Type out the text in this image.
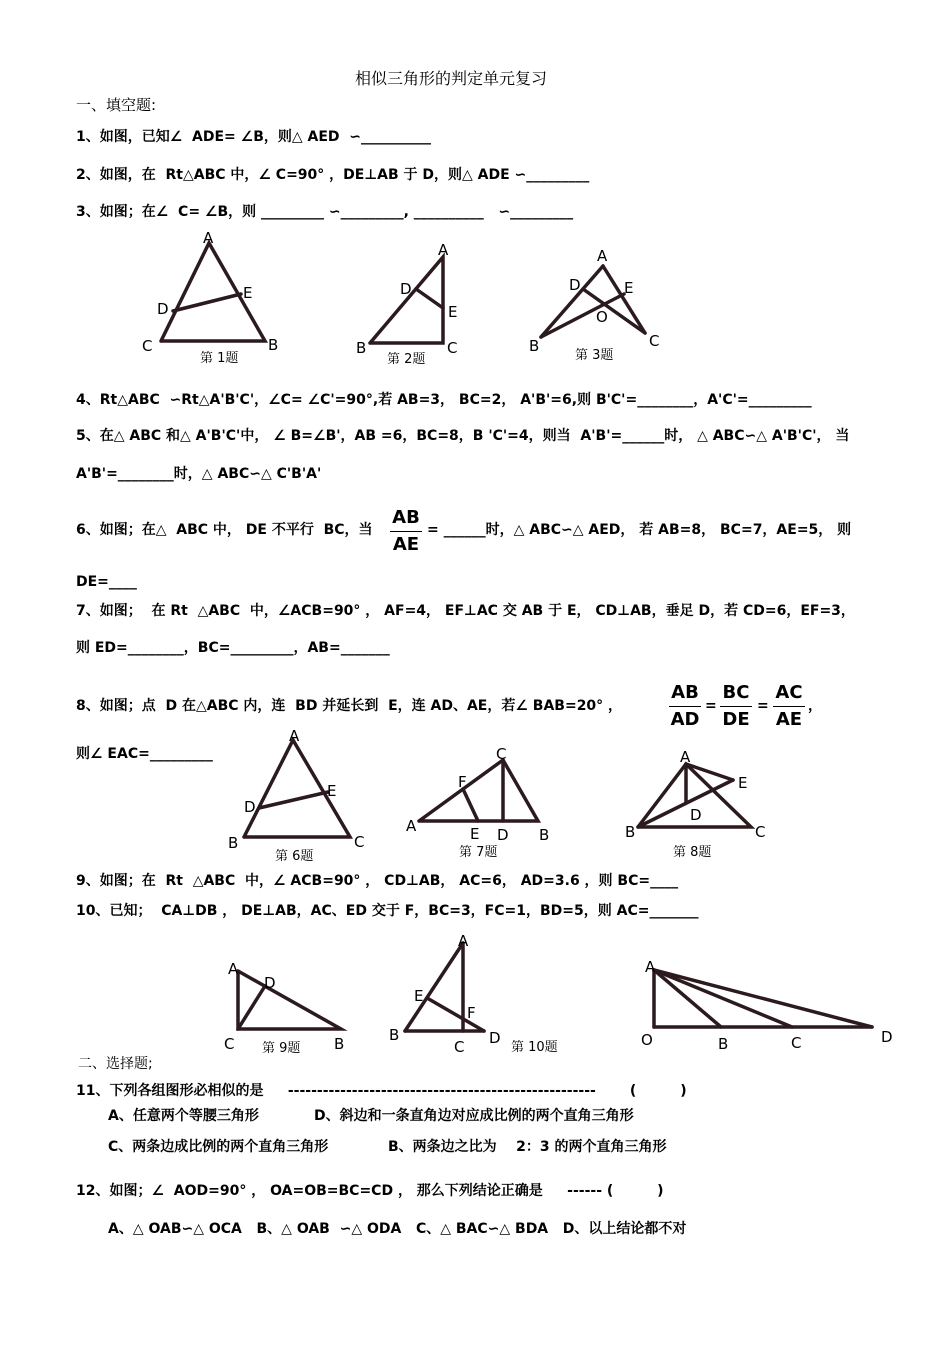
相似三角形的判定单元复习
一、填空题:
1、如图，已知∠  ADE= ∠B，则△ AED  ∽__________
2、如图，在  Rt△ABC 中，∠ C=90° ，DE⊥AB 于 D，则△ ADE ∽_________
3、如图；在∠  C= ∠B，则 _________ ∽_________, __________   ∽_________
A
D
E
C	B
第 1题
A
D
E
B	C
第 2题
A
D	E
O
B	C
第 3题
4、Rt△ABC  ∽Rt△A'B'C'，∠C= ∠C'=90°,若 AB=3， BC=2， A'B'=6,则 B'C'=________，A'C'=_________
5、在△ ABC 和△ A'B'C'中， ∠ B=∠B'，AB =6，BC=8，B 'C'=4，则当  A'B'=______时， △ ABC∽△ A'B'C'， 当
A'B'=________时，△ ABC∽△ C'B'A'
6、如图；在△  ABC 中， DE 不平行  BC，当
AB
AE
= ______时，△ ABC∽△ AED， 若 AB=8， BC=7，AE=5， 则
DE=____
7、如图；  在 Rt  △ABC  中，∠ACB=90° ， AF=4， EF⊥AC 交 AB 于 E， CD⊥AB，垂足 D，若 CD=6，EF=3，
则 ED=________，BC=_________，AB=_______
8、如图；点  D 在△ABC 内，连  BD 并延长到  E，连 AD、AE，若∠ BAB=20° ，
AB
AD
=
BC
DE
=
AC
AE
，
则∠ EAC=_________
A
E
D
B	C
第 6题
C
F
A	E D B
第 7题
A
E
D
B	C
第 8题
9、如图；在  Rt  △ABC  中，∠ ACB=90° ， CD⊥AB， AC=6， AD=3.6 ，则 BC=____
10、已知；  CA⊥DB ， DE⊥AB，AC、ED 交于 F，BC=3，FC=1，BD=5，则 AC=_______
A
D
C	B
第 9题
A
E
F
B
C D
第 10题
A
O	B	C	D
二、选择题;
11、下列各组图形必相似的是     -----------------------------------------------------       (         )
A、任意两个等腰三角形	D、斜边和一条直角边对应成比例的两个直角三角形
C、两条边成比例的两个直角三角形	B、两条边之比为    2：3 的两个直角三角形
12、如图；∠  AOD=90° ， OA=OB=BC=CD ， 那么下列结论正确是     ------ (         )
A、△ OAB∽△ OCA   B、△ OAB  ∽△ ODA   C、△ BAC∽△ BDA   D、以上结论都不对
